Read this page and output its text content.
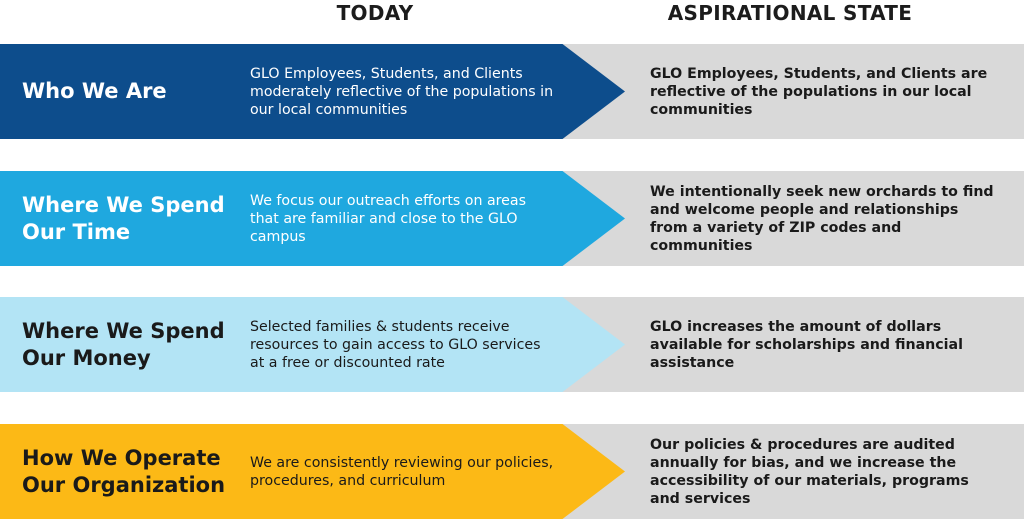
TODAY	ASPIRATIONAL STATE
Who We Are
GLO Employees, Students, and Clients moderately reflective of the populations in our local communities
GLO Employees, Students, and Clients are reflective of the populations in our local communities
Where We Spend Our Time
We focus our outreach efforts on areas that are familiar and close to the GLO campus
We intentionally seek new orchards to find and welcome people and relationships from a variety of ZIP codes and communities
Where We Spend Our Money
Selected families & students receive resources to gain access to GLO services at a free or discounted rate
GLO increases the amount of dollars available for scholarships and financial assistance
How We Operate Our Organization
We are consistently reviewing our policies, procedures, and curriculum
Our policies & procedures are audited annually for bias, and we increase the accessibility of our materials, programs and services
